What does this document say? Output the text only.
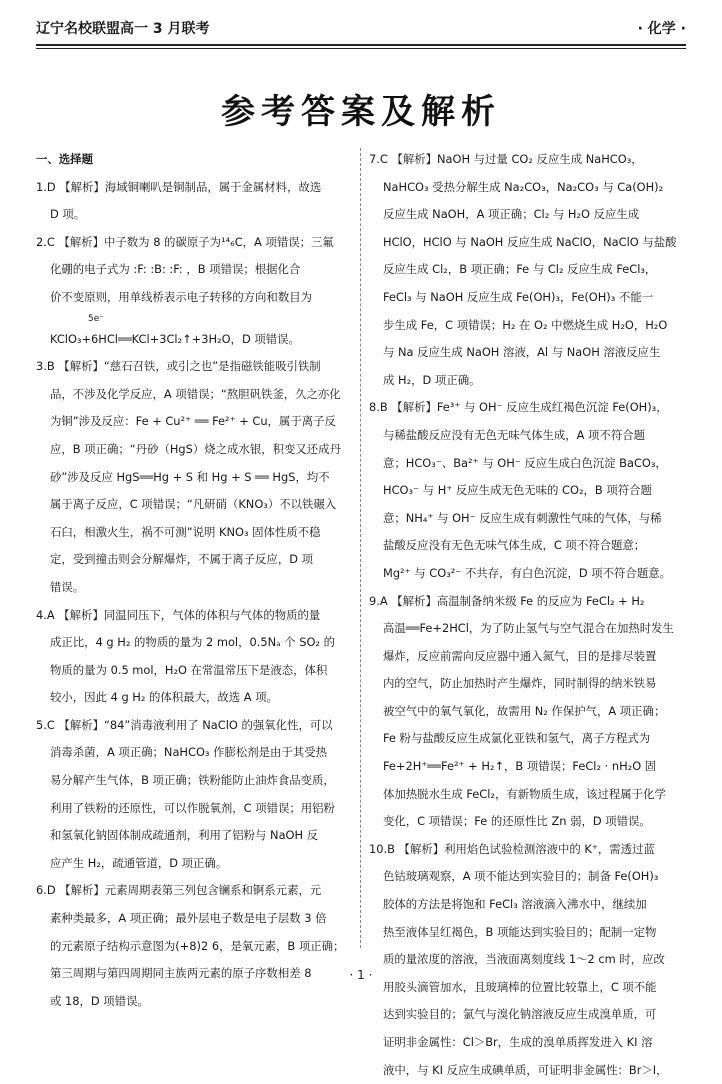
辽宁名校联盟高一 3 月联考	· 化学 ·
参考答案及解析
一、选择题
1.D 【解析】海域铜喇叭是铜制品，属于金属材料，故选
D 项。
2.C 【解析】中子数为 8 的碳原子为¹⁴₆C，A 项错误；三氟
化硼的电子式为 :F: :B: :F: ，B 项错误；根据化合
价不变原则，用单线桥表示电子转移的方向和数目为
5e⁻
KClO₃+6HCl══KCl+3Cl₂↑+3H₂O，D 项错误。
3.B 【解析】“慈石召铁，或引之也”是指磁铁能吸引铁制
品，不涉及化学反应，A 项错误；“熬胆矾铁釜，久之亦化
为铜”涉及反应：Fe + Cu²⁺ ══ Fe²⁺ + Cu，属于离子反
应，B 项正确；“丹砂（HgS）烧之成水银，积变又还成丹
砂”涉及反应 HgS══Hg + S 和 Hg + S ══ HgS，均不
属于离子反应，C 项错误；“凡研硝（KNO₃）不以铁碾入
石臼，相激火生，祸不可测”说明 KNO₃ 固体性质不稳
定，受到撞击则会分解爆炸，不属于离子反应，D 项
错误。
4.A 【解析】同温同压下，气体的体积与气体的物质的量
成正比，4 g H₂ 的物质的量为 2 mol，0.5Nₐ 个 SO₂ 的
物质的量为 0.5 mol，H₂O 在常温常压下是液态，体积
较小，因此 4 g H₂ 的体积最大，故选 A 项。
5.C 【解析】“84”消毒液利用了 NaClO 的强氧化性，可以
消毒杀菌，A 项正确；NaHCO₃ 作膨松剂是由于其受热
易分解产生气体，B 项正确；铁粉能防止油炸食品变质，
利用了铁粉的还原性，可以作脱氧剂，C 项错误；用铝粉
和氢氧化钠固体制成疏通剂，利用了铝粉与 NaOH 反
应产生 H₂，疏通管道，D 项正确。
6.D 【解析】元素周期表第三列包含镧系和锕系元素，元
素种类最多，A 项正确；最外层电子数是电子层数 3 倍
的元素原子结构示意图为(+8)2 6，是氧元素，B 项正确；
第三周期与第四周期同主族两元素的原子序数相差 8
或 18，D 项错误。
7.C 【解析】NaOH 与过量 CO₂ 反应生成 NaHCO₃，
NaHCO₃ 受热分解生成 Na₂CO₃，Na₂CO₃ 与 Ca(OH)₂
反应生成 NaOH，A 项正确；Cl₂ 与 H₂O 反应生成
HClO，HClO 与 NaOH 反应生成 NaClO，NaClO 与盐酸
反应生成 Cl₂，B 项正确；Fe 与 Cl₂ 反应生成 FeCl₃，
FeCl₃ 与 NaOH 反应生成 Fe(OH)₃，Fe(OH)₃ 不能一
步生成 Fe，C 项错误；H₂ 在 O₂ 中燃烧生成 H₂O，H₂O
与 Na 反应生成 NaOH 溶液，Al 与 NaOH 溶液反应生
成 H₂，D 项正确。
8.B 【解析】Fe³⁺ 与 OH⁻ 反应生成红褐色沉淀 Fe(OH)₃，
与稀盐酸反应没有无色无味气体生成，A 项不符合题
意；HCO₃⁻、Ba²⁺ 与 OH⁻ 反应生成白色沉淀 BaCO₃，
HCO₃⁻ 与 H⁺ 反应生成无色无味的 CO₂，B 项符合题
意；NH₄⁺ 与 OH⁻ 反应生成有刺激性气味的气体，与稀
盐酸反应没有无色无味气体生成，C 项不符合题意；
Mg²⁺ 与 CO₃²⁻ 不共存，有白色沉淀，D 项不符合题意。
9.A 【解析】高温制备纳米级 Fe 的反应为 FeCl₂ + H₂
高温══Fe+2HCl，为了防止氢气与空气混合在加热时发生
爆炸，反应前需向反应器中通入氮气，目的是排尽装置
内的空气，防止加热时产生爆炸，同时制得的纳米铁易
被空气中的氧气氧化，故需用 N₂ 作保护气，A 项正确；
Fe 粉与盐酸反应生成氯化亚铁和氢气，离子方程式为
Fe+2H⁺══Fe²⁺ + H₂↑，B 项错误；FeCl₂ · nH₂O 固
体加热脱水生成 FeCl₂，有新物质生成，该过程属于化学
变化，C 项错误；Fe 的还原性比 Zn 弱，D 项错误。
10.B 【解析】利用焰色试验检测溶液中的 K⁺，需透过蓝
色钴玻璃观察，A 项不能达到实验目的；制备 Fe(OH)₃
胶体的方法是将饱和 FeCl₃ 溶液滴入沸水中，继续加
热至液体呈红褐色，B 项能达到实验目的；配制一定物
质的量浓度的溶液，当液面离刻度线 1～2 cm 时，应改
用胶头滴管加水，且玻璃棒的位置比较靠上，C 项不能
达到实验目的；氯气与溴化钠溶液反应生成溴单质，可
证明非金属性：Cl＞Br，生成的溴单质挥发进入 KI 溶
液中，与 KI 反应生成碘单质，可证明非金属性：Br＞I，
· 1 ·
